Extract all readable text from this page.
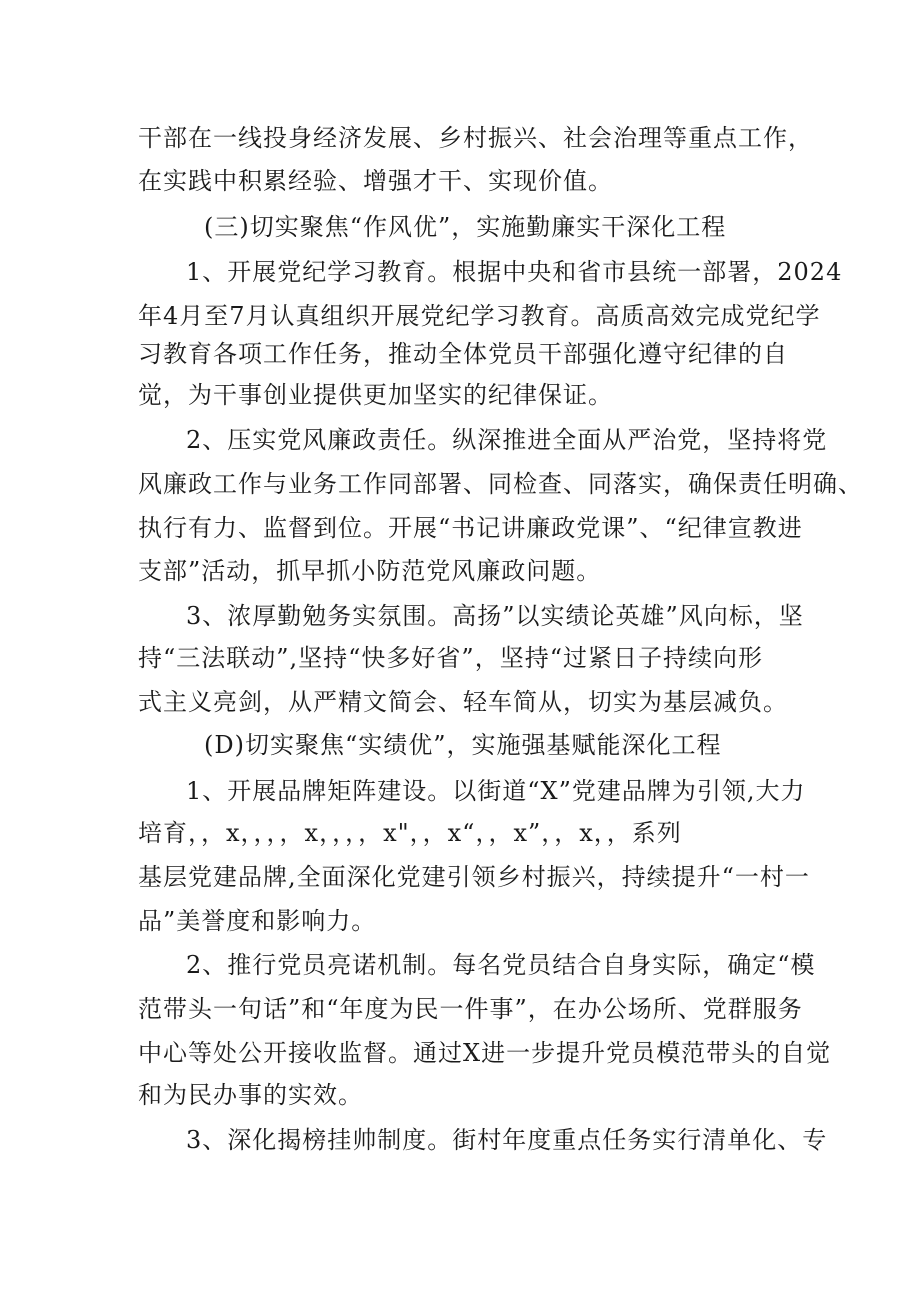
干部在一线投身经济发展、乡村振兴、社会治理等重点工作，
在实践中积累经验、增强才干、实现价值。
(三)切实聚焦“作风优”，实施勤廉实干深化工程
1、开展党纪学习教育。根据中央和省市县统一部署，2024
年4月至7月认真组织开展党纪学习教育。高质高效完成党纪学
习教育各项工作任务，推动全体党员干部强化遵守纪律的自
觉，为干事创业提供更加坚实的纪律保证。
2、压实党风廉政责任。纵深推进全面从严治党，坚持将党
风廉政工作与业务工作同部署、同检查、同落实，确保责任明确、
执行有力、监督到位。开展“书记讲廉政党课”、“纪律宣教进
支部”活动，抓早抓小防范党风廉政问题。
3、浓厚勤勉务实氛围。高扬”以实绩论英雄”风向标，坚
持“三法联动”,坚持“快多好省”，坚持“过紧日子持续向形
式主义亮剑，从严精文简会、轻车简从，切实为基层减负。
(D)切实聚焦“实绩优”，实施强基赋能深化工程
1、开展品牌矩阵建设。以街道“X”党建品牌为引领,大力
培育，，x，，，，x，，，，x"，，x“，，x”，，x，，系列
基层党建品牌,全面深化党建引领乡村振兴，持续提升“一村一
品”美誉度和影响力。
2、推行党员亮诺机制。每名党员结合自身实际，确定“模
范带头一句话”和“年度为民一件事”，在办公场所、党群服务
中心等处公开接收监督。通过X进一步提升党员模范带头的自觉
和为民办事的实效。
3、深化揭榜挂帅制度。街村年度重点任务实行清单化、专
